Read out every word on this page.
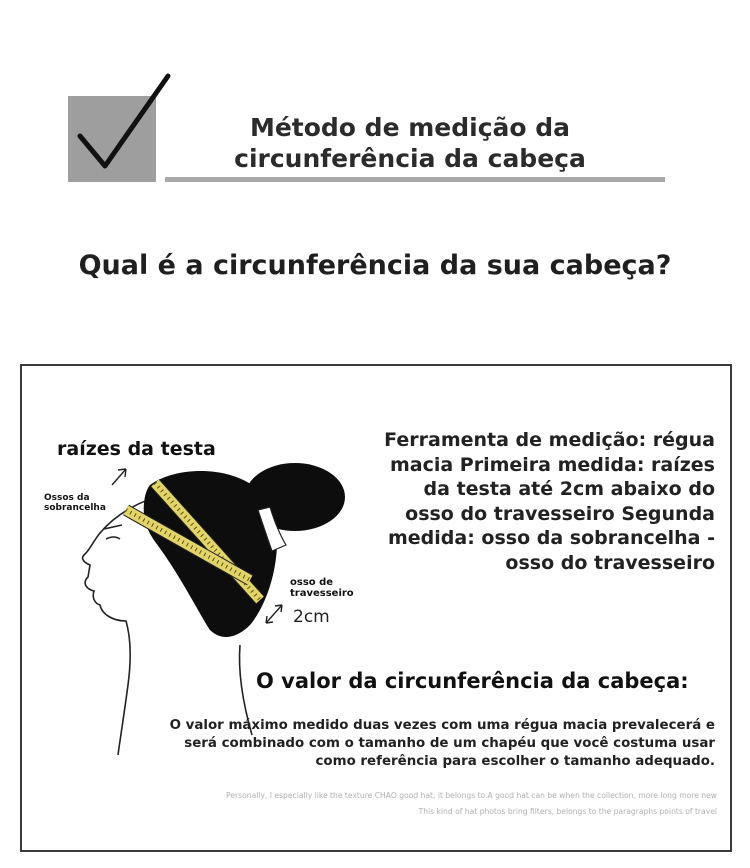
Método de medição da
circunferência da cabeça
Qual é a circunferência da sua cabeça?
raízes da testa
Ossos da
sobrancelha
osso de
travesseiro
2cm
Ferramenta de medição: régua macia Primeira medida: raízes da testa até 2cm abaixo do osso do travesseiro Segunda medida: osso da sobrancelha - osso do travesseiro
O valor da circunferência da cabeça:
O valor máximo medido duas vezes com uma régua macia prevalecerá e será combinado com o tamanho de um chapéu que você costuma usar como referência para escolher o tamanho adequado.
Personally, I especially like the texture CHAO good hat, it belongs to.A good hat can be when the collection, more long more new
This kind of hat photos bring filters, belongs to the paragraphs points of travel
